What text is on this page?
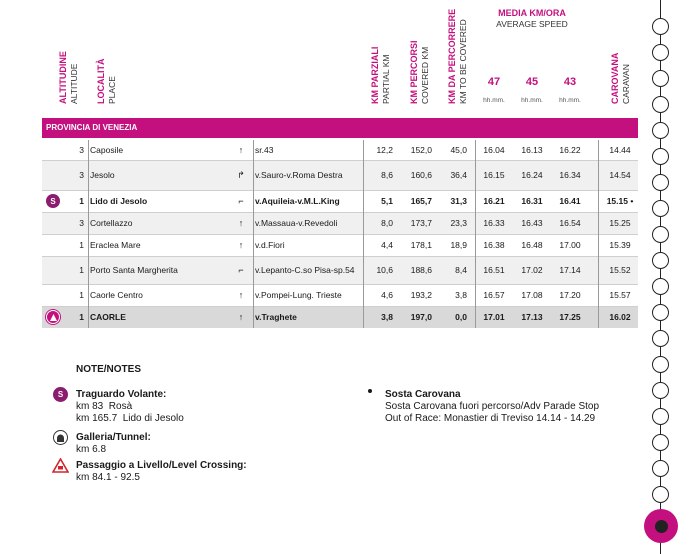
ALTITUDINE ALTITUDE LOCALITÀ PLACE	KM PARZIALI PARTIAL KM KM PERCORSI COVERED KM KM DA PERCORRERE KM TO BE COVERED	CAROVANA CARAVAN
MEDIA KM/ORA
AVERAGE SPEED
47	45	43
hh.mm.	hh.mm.	hh.mm.
PROVINCIA DI VENEZIA
3 Caposile	↑	sr.43	12,2	152,0	45,0	16.04	16.13	16.22	14.44
3 Jesolo	↱	v.Sauro-v.Roma Destra	8,6	160,6	36,4	16.15	16.24	16.34	14.54
1 Lido di Jesolo	⌐	v.Aquileia-v.M.L.King	5,1	165,7	31,3	16.21	16.31	16.41	15.15 •
3 Cortellazzo	↑	v.Massaua-v.Revedoli	8,0	173,7	23,3	16.33	16.43	16.54	15.25
1 Eraclea Mare	↑	v.d.Fiori	4,4	178,1	18,9	16.38	16.48	17.00	15.39
1 Porto Santa Margherita	⌐	v.Lepanto-C.so Pisa-sp.54	10,6	188,6	8,4	16.51	17.02	17.14	15.52
1 Caorle Centro	↑	v.Pompei-Lung. Trieste	4,6	193,2	3,8	16.57	17.08	17.20	15.57
1 CAORLE	↑	v.Traghete	3,8	197,0	0,0	17.01	17.13	17.25	16.02
S
NOTE/NOTES
S	Traguardo Volante:
km 83  Rosà
km 165.7  Lido di Jesolo
Galleria/Tunnel:
km 6.8
Passaggio a Livello/Level Crossing:
km 84.1 - 92.5
Sosta Carovana
Sosta Carovana fuori percorso/Adv Parade Stop
Out of Race: Monastier di Treviso 14.14 - 14.29
